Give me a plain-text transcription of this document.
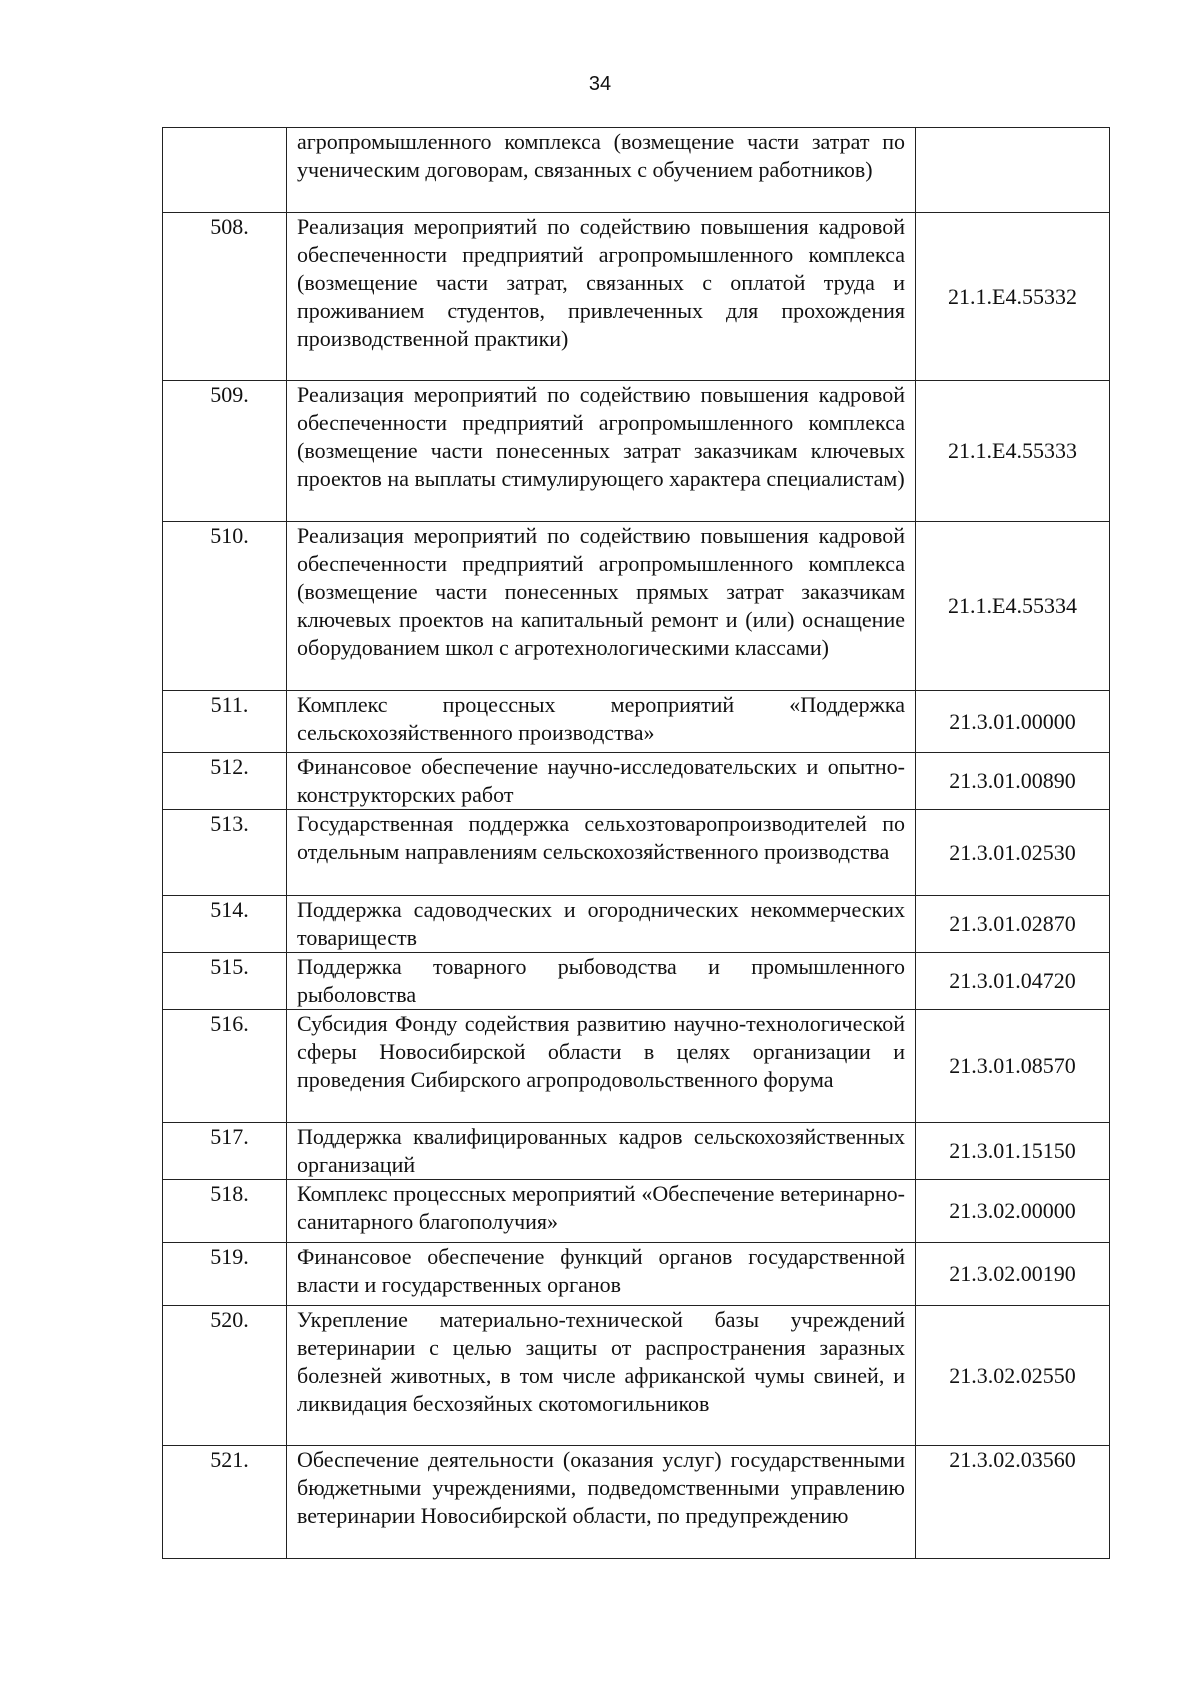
34
	агропромышленного комплекса (возмещение части затрат по ученическим договорам, связанных с обучением работников)	
508.	Реализация мероприятий по содействию повышения кадровой обеспеченности предприятий агропромышленного комплекса (возмещение части затрат, связанных с оплатой труда и проживанием студентов, привлеченных для прохождения производственной практики)	21.1.Е4.55332
509.	Реализация мероприятий по содействию повышения кадровой обеспеченности предприятий агропромышленного комплекса (возмещение части понесенных затрат заказчикам ключевых проектов на выплаты стимулирующего характера специалистам)	21.1.Е4.55333
510.	Реализация мероприятий по содействию повышения кадровой обеспеченности предприятий агропромышленного комплекса (возмещение части понесенных прямых затрат заказчикам ключевых проектов на капитальный ремонт и (или) оснащение оборудованием школ с агротехнологическими классами)	21.1.Е4.55334
511.	Комплекс процессных мероприятий «Поддержка сельскохозяйственного производства»	21.3.01.00000
512.	Финансовое обеспечение научно-исследовательских и опытно-конструкторских работ	21.3.01.00890
513.	Государственная поддержка сельхозтоваропроизводителей по отдельным направлениям сельскохозяйственного производства	21.3.01.02530
514.	Поддержка садоводческих и огороднических некоммерческих товариществ	21.3.01.02870
515.	Поддержка товарного рыбоводства и промышленного рыболовства	21.3.01.04720
516.	Субсидия Фонду содействия развитию научно-технологической сферы Новосибирской области в целях организации и проведения Сибирского агропродовольственного форума	21.3.01.08570
517.	Поддержка квалифицированных кадров сельскохозяйственных организаций	21.3.01.15150
518.	Комплекс процессных мероприятий «Обеспечение ветеринарно-санитарного благополучия»	21.3.02.00000
519.	Финансовое обеспечение функций органов государственной власти и государственных органов	21.3.02.00190
520.	Укрепление материально-технической базы учреждений ветеринарии с целью защиты от распространения заразных болезней животных, в том числе африканской чумы свиней, и ликвидация бесхозяйных скотомогильников	21.3.02.02550
521.	Обеспечение деятельности (оказания услуг) государственными бюджетными учреждениями, подведомственными управлению ветеринарии Новосибирской области, по предупреждению	21.3.02.03560
